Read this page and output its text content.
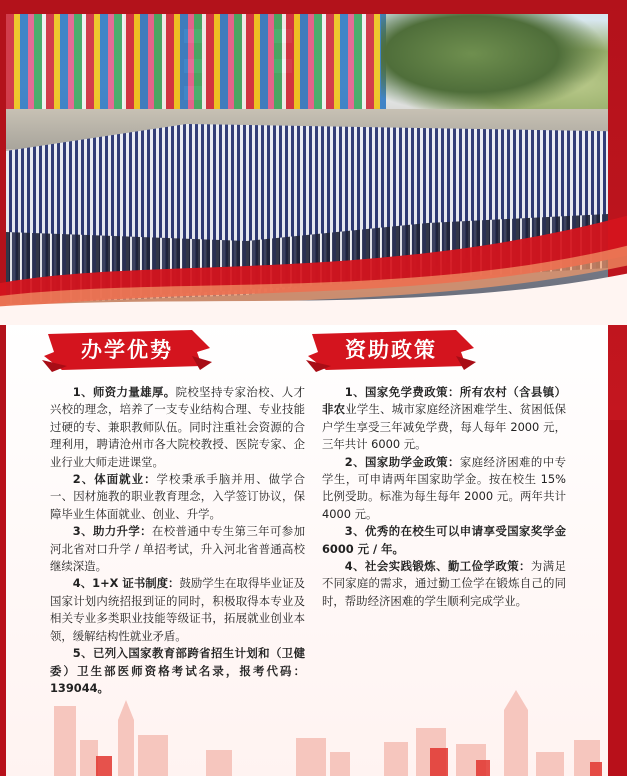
办学优势

1、师资力量雄厚。院校坚持专家治校、人才兴校的理念，培养了一支专业结构合理、专业技能过硬的专、兼职教师队伍。同时注重社会资源的合理利用，聘请沧州市各大院校教授、医院专家、企业行业大师走进课堂。

2、体面就业：学校秉承手脑并用、做学合一、因材施教的职业教育理念，入学签订协议，保障毕业生体面就业、创业、升学。

3、助力升学：在校普通中专生第三年可参加河北省对口升学 / 单招考试，升入河北省普通高校继续深造。

4、1+X 证书制度：鼓励学生在取得毕业证及国家计划内统招报到证的同时，积极取得本专业及相关专业多类职业技能等级证书，拓展就业创业本领，缓解结构性就业矛盾。

5、已列入国家教育部跨省招生计划和（卫健委）卫生部医师资格考试名录，报考代码：139044。

资助政策

1、国家免学费政策：所有农村（含县镇）非农业学生、城市家庭经济困难学生、贫困低保户学生享受三年减免学费，每人每年 2000 元，三年共计 6000 元。

2、国家助学金政策：家庭经济困难的中专学生，可申请两年国家助学金。按在校生 15% 比例受助。标准为每生每年 2000 元。两年共计 4000 元。

3、优秀的在校生可以申请享受国家奖学金 6000 元 / 年。

4、社会实践锻炼、勤工俭学政策：为满足不同家庭的需求，通过勤工俭学在锻炼自己的同时，帮助经济困难的学生顺利完成学业。
